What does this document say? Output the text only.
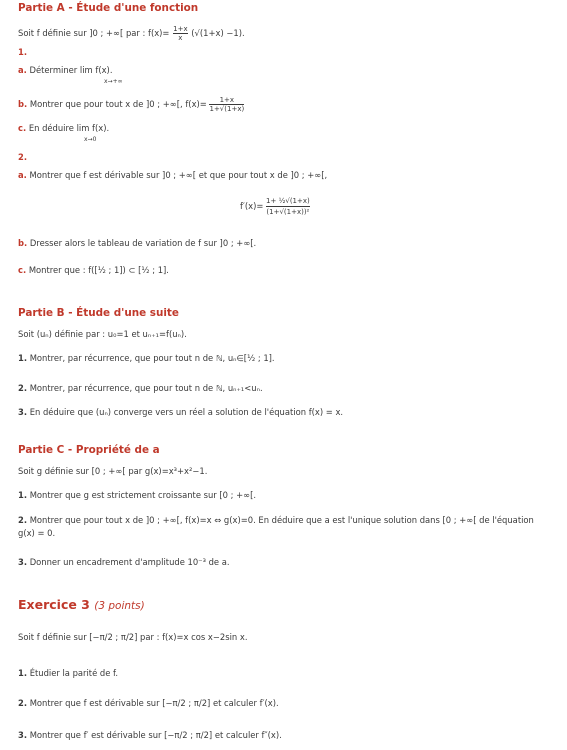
Partie A - Étude d'une fonction
Soit f définie sur ]0 ; +∞[ par : $f(x)= \frac{1+x}{x} (√(1+x) -1)$.
1.
a. Déterminer lim f(x).
x→+∞
b. Montrer que pour tout x de ]0 ; +∞[, $f(x)= \frac{1+x}{1+√(1+x)}$
c. En déduire lim f(x).
x→0
2.
a. Montrer que f est dérivable sur ]0 ; +∞[ et que pour tout x de ]0 ; +∞[,
$f'(x)= \frac{\text{1+ ½√(1+x)}}{\text{(1+√(1+x))²}}$
b. Dresser alors le tableau de variation de f sur ]0 ; +∞[.
c. Montrer que : f([½ ; 1]) ⊂ [½ ; 1].
Partie B - Étude d'une suite
Soit (uₙ) définie par : u₀=1 et uₙ₊₁=f(uₙ).
1. Montrer, par récurrence, que pour tout n de ℕ, uₙ∈[½ ; 1].
2. Montrer, par récurrence, que pour tout n de ℕ, uₙ₊₁<uₙ.
3. En déduire que (uₙ) converge vers un réel a solution de l'équation f(x) = x.
Partie C - Propriété de a
Soit g définie sur [0 ; +∞[ par g(x)=x³+x²−1.
1. Montrer que g est strictement croissante sur [0 ; +∞[.
2. Montrer que pour tout x de ]0 ; +∞[, f(x)=x ⇔ g(x)=0. En déduire que a est l'unique solution dans [0 ; +∞[ de l'équation g(x) = 0.
3. Donner un encadrement d'amplitude 10⁻³ de a.
Exercice 3 (3 points)
Soit f définie sur [−π/2 ; π/2] par : f(x)=x cos x−2sin x.
1. Étudier la parité de f.
2. Montrer que f est dérivable sur [−π/2 ; π/2] et calculer f′(x).
3. Montrer que f′ est dérivable sur [−π/2 ; π/2] et calculer f″(x).
